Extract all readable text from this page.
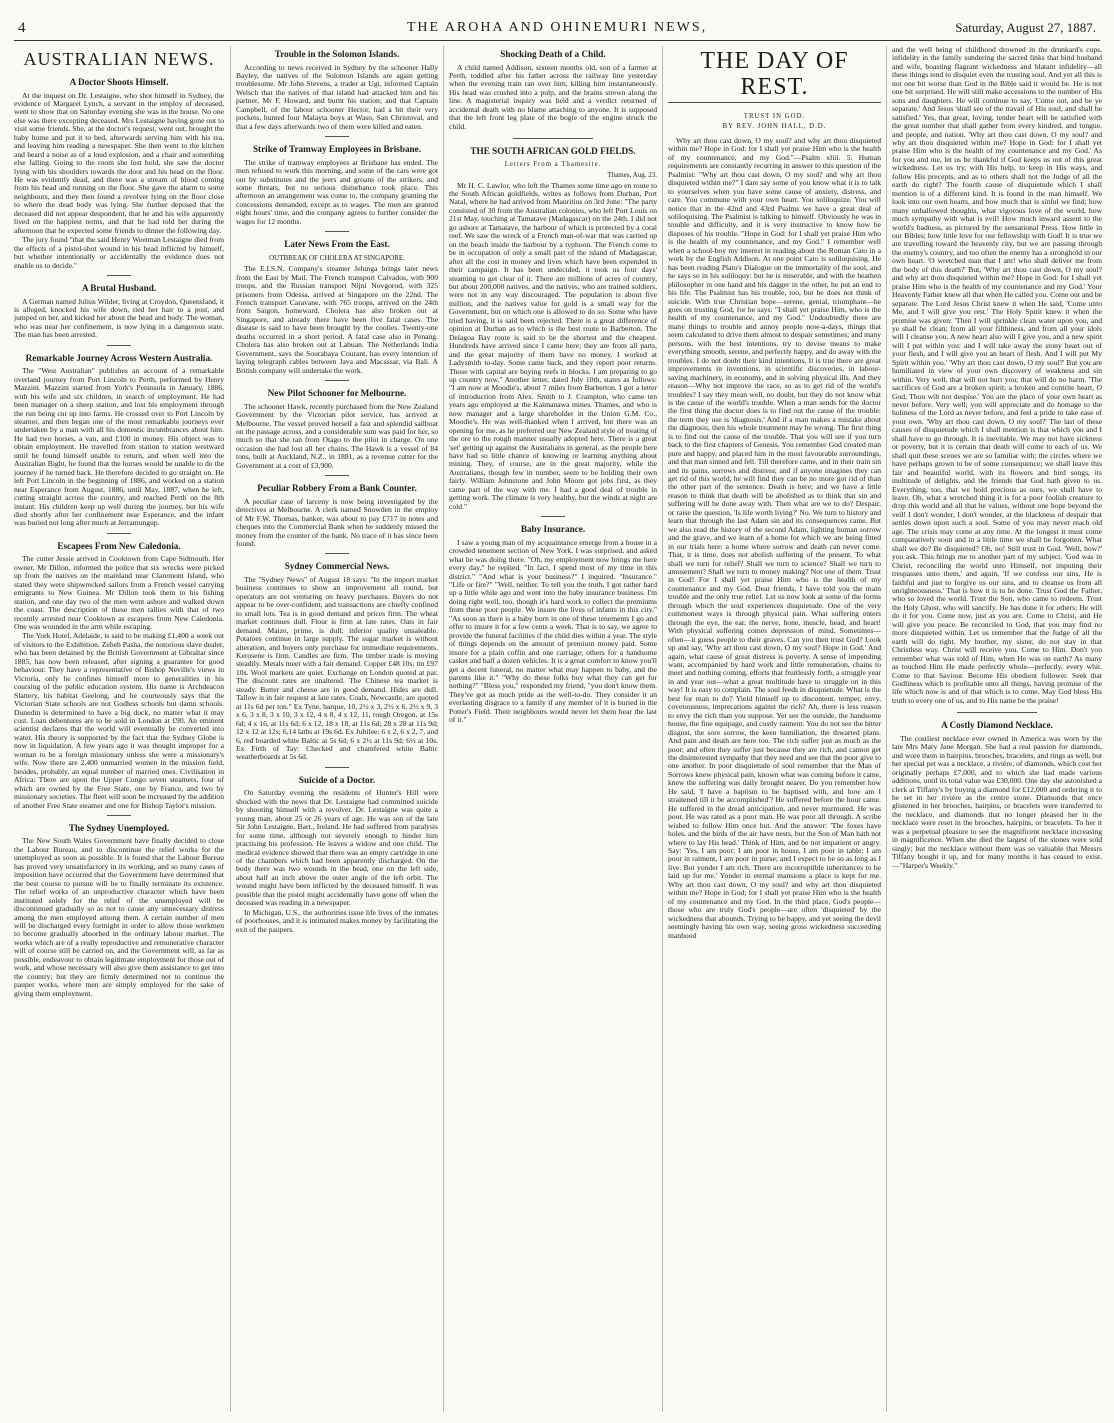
4	THE AROHA AND OHINEMURI NEWS,	Saturday, August 27, 1887.
AUSTRALIAN NEWS.
A Doctor Shoots Himself.

At the inquest on Dr. Lestaigne, who shot himself in Sydney, the evidence of Margaret Lynch, a servant in the employ of deceased, went to show that on Saturday evening she was in the house. No one else was there excepting deceased. Mrs Lestaigne having gone out to visit some friends. She, at the doctor's request, went out, brought the baby home and put it to bed, afterwards serving him with his tea, and leaving him reading a newspaper. She then went to the kitchen and heard a noise as of a loud explosion, and a chair and something else falling. Going to the room she lost hold, she saw the doctor lying with his shoulders towards the door and his head on the floor. He was evidently dead, and there was a stream of blood coming from his head and running on the floor. She gave the alarm to some neighbours, and they then found a revolver lying on the floor close to where the dead body was lying. She further deposed that the deceased did not appear despondent, that he and his wife apparently lived on the happiest terms, and that he had told her during the afternoon that he expected some friends to dinner the following day.

The jury found "that the said Henry Weetman Lestaigne died from the effects of a pistol-shot wound in his head inflicted by himself, but whether intentionally or accidentally the evidence does not enable us to decide."

A Brutal Husband.

A German named Julius Wilder, living at Croydon, Queensland, it is alleged, knocked his wife down, tied her hair to a post, and jumped on her, and kicked her about the head and body. The woman, who was near her confinement, is now lying in a dangerous state. The man has been arrested.

Remarkable Journey Across Western Australia.

The "West Australian" publishes an account of a remarkable overland journey from Port Lincoln to Perth, performed by Henry Mazzini. Mazzini started from York's Peninsula in January, 1886, with his wife and six children, in search of employment. He had been manager on a sheep station, and lost his employment through the run being cut up into farms. He crossed over to Port Lincoln by steamer, and then began one of the most remarkable journeys ever undertaken by a man with all his domestic incumbrances about him. He had two horses, a van, and £100 in money. His object was to obtain employment. He travelled from station to station westward until he found himself unable to return, and when well into the Australian Bight, he found that the horses would be unable to do the journey if he turned back. He therefore decided to go straight on. He left Port Lincoln in the beginning of 1886, and worked on a station near Esperance from August, 1886, until May, 1887, when he left, cutting straight across the country, and reached Perth on the 8th instant. His children keep up well during the journey, but his wife died shortly after her confinement near Esperance, and the infant was buried not long after much at Jerramungup.

Escapees From New Caledonia.

The cutter Jessie arrived in Cooktown from Cape Sidmouth. Her owner, Mr Dillon, informed the police that six wrecks were picked up from the natives on the mainland near Claremont Island, who stated they were shipwrecked sailors from a French vessel carrying emigrants to New Guinea. Mr Dillon took them to his fishing station, and one day two of the men went ashore and walked down the coast. The description of these men tallies with that of two recently arrested near Cooktown as escapees from New Caledonia. One was wounded in the arm while escaping.

The York Hotel, Adelaide, is said to be making £1,400 a week out of visitors to the Exhibition. Zebeh Pasha, the notorious slave dealer, who has been detained by the British Government at Gibraltar since 1885, has now been released, after signing a guarantee for good behaviour. They have a representative of Bishop Neville's views in Victoria, only he confines himself more to generalities in his coursing of the public education system. His name is Archdeacon Slattery, his habitat Geelong, and he courteously says that the Victorian State schools are not Godless schools but damn schools. Dunedin is determined to have a big dock, no matter what it may cost. Loan debentures are to be sold in London at £90. An eminent scientist declares that the world will eventually be converted into water. His theory is supported by the fact that the Sydney Globe is now in liquidation. A few years ago it was thought improper for a woman to be a foreign missionary unless she were a missionary's wife. Now there are 2,400 unmarried women in the mission field, besides, probably, an equal number of married ones. Civilisation in Africa: There are upon the Upper Congo seven steamers, four of which are owned by the Free State, one by France, and two by missionary societies. The fleet will soon be increased by the addition of another Free State steamer and one for Bishop Taylor's mission.

The Sydney Unemployed.

The New South Wales Government have finally decided to close the Labour Bureau, and to discontinue the relief works for the unemployed as soon as possible. It is found that the Labour Bureau has proved very unsatisfactory in its working, and so many cases of imposition have occurred that the Government have determined that the best course to pursue will be to finally terminate its existence. The relief works of an unproductive character which have been instituted solely for the relief of the unemployed will be discontinued gradually so as not to cause any unnecessary distress among the men employed among them. A certain number of men will be discharged every fortnight in order to allow those workmen to become gradually absorbed in the ordinary labour market. The works which are of a really reproductive and remunerative character will of course still be carried on, and the Government will, as far as possible, endeavour to obtain legitimate employment for those out of work, and whose necessary will also give them assistance to get into the country; but they are firmly determined not to continue the pauper works, where men are simply employed for the sake of giving them employment.

Trouble in the Solomon Islands.

According to news received in Sydney by the schooner Hally Bayley, the natives of the Solomon Islands are again getting troublesome. Mr John Stevens, a trader at Ugi, informed Captain Welsch that the natives of that island had attacked him and his partner, Mr F. Howard, and burnt his station; and that Captain Campbell, of the labour schooner Hector, had a bit their very pockets, hunted four Malayta boys at Waso, San Christoval, and that a few days afterwards two of them were killed and eaten.

Strike of Tramway Employees in Brisbane.

The strike of tramway employees at Brisbane has ended. The men refused to work this morning, and some of the cars were got out by substitutes and the jeers and groans of the strikers, and some threats, but no serious disturbance took place. This afternoon an arrangement was come to, the company granting the concessions demanded, except as to wages. The men are granted eight hours' time, and the company agrees to further consider the wages for 12 months.

Later News From the East.
OUTBREAK OF CHOLERA AT SINGAPORE.

The E.I.S.N. Company's steamer Jelunga brings later news from the East by Mail. The French transport Calvados, with 900 troops, and the Russian transport Nijni Novgorod, with 325 prisoners from Odessa, arrived at Singapore on the 22nd. The French transport Caravane, with 765 troops, arrived on the 24th from Saigon, homeward. Cholera has also broken out at Singapore, and already there have been five fatal cases. The disease is said to have been brought by the coolies. Twenty-one deaths occurred in a short period. A fatal case also in Penang. Cholera has also broken out at Labuan. The Netherlands India Government, says the Sourabaya Courant, has every intention of laying telegraph cables between Java and Macassar, via Bali. A British company will undertake the work.

New Pilot Schooner for Melbourne.

The schooner Hawk, recently purchased from the New Zealand Government by the Victorian pilot service, has arrived at Melbourne. The vessel proved herself a fast and splendid sailboat on the passage across, and a considerable sum was paid for her, so much so that she ran from Otago to the pilot in charge. On one occasion she had lost all her chains. The Hawk is a vessel of 84 tons, built at Auckland, N.Z., in 1881, as a revenue cutter for the Government at a cost of £3,900.

Peculiar Robbery From a Bank Counter.

A peculiar case of larceny is now being investigated by the detectives at Melbourne. A clerk named Snowden in the employ of Mr F.W. Thomas, banker, was about to pay £717 in notes and cheques into the Commercial Bank when he suddenly missed the money from the counter of the bank. No trace of it has since been found.

Sydney Commercial News.

The "Sydney News" of August 18 says: "In the import market business continues to show an improvement all round, but operators are not venturing on heavy purchases. Buyers do not appear to be over-confident, and transactions are chiefly confined to small lots. Tea is in good demand and prices firm. The wheat market continues dull. Flour is firm at late rates. Oats in fair demand. Maize, prime, is dull; inferior quality unsaleable. Potatoes continue in large supply. The sugar market is without alteration, and buyers only purchase for immediate requirements. Kerosene is firm. Candles are firm. The timber trade is moving steadily. Metals meet with a fair demand. Copper £48 10s; tin £97 10s. Wool markets are quiet. Exchange on London quoted at par. The discount rates are unaltered. The Chinese tea market is steady. Butter and cheese are in good demand. Hides are dull. Tallow is in fair request at late rates. Coals, Newcastle, are quoted at 11s 6d per ton." Ex Tyne, barque, 10, 2½ x 3, 2½ x 6, 2½ x 9, 3 x 6, 3 x 8, 3 x 10, 3 x 12, 4 x 8, 4 x 12, 11, rough Oregon, at 15s 6d; 4 x 16, at 11s 6d; 6 x 12, 18 x 18, at 11s 6d; 28 x 28 at 11s 9d; 12 x 12 at 12s; 6,14 laths at 19s 6d. Ex Jubilee: 6 x 2, 6 x 2, 7, and 6, red boarded white Baltic at 5s 6d; 6 x 2½ at 11s 9d; 6½ at 10s. Ex Firth of Tay: Checked and chamfered white Baltic weatherboards at 5s 6d.

Suicide of a Doctor.

On Saturday evening the residents of Hunter's Hill were shocked with the news that Dr. Lestaigne had committed suicide by shooting himself with a revolver. Dr. Lestaigne was quite a young man, about 25 or 26 years of age. He was son of the late Sir John Lestaigne, Bart., Ireland. He had suffered from paralysis for some time, although not severely enough to hinder him practising his profession. He leaves a widow and one child. The medical evidence showed that there was an empty cartridge in one of the chambers which had been apparently discharged. On the body there was two wounds in the head, one on the left side, about half an inch above the outer angle of the left orbit. The wound might have been inflicted by the deceased himself. It was possible that the pistol might accidentally have gone off when the deceased was reading in a newspaper.

In Michigan, U.S., the authorities issue life lives of the inmates of poorhouses, and it is intimated makes money by facilitating the exit of the paupers.

Shocking Death of a Child.

A child named Addison, sixteen months old, son of a farmer at Perth, toddled after his father across the railway line yesterday when the evening train ran over him, killing him instantaneously. His head was crushed into a pulp, and the brains strewn along the line. A magisterial inquiry was held and a verdict returned of accidental death with no blame attaching to anyone. It is supposed that the left front leg plate of the bogie of the engine struck the child.

THE SOUTH AFRICAN GOLD FIELDS.
Letters From a Thamesite.
Thames, Aug. 23.

Mr H. C. Lawlor, who left the Thames some time ago en route to the South African goldfields, writes as follows from Durban, Port Natal, where he had arrived from Mauritius on 3rd June: "The party consisted of 30 from the Australian colonies, who left Port Louis on 21st May, touching at Tamatave (Madagascar) on the 24th. I did not go ashore at Tamatave, the harbour of which is protected by a coral reef. We saw the wreck of a French man-of-war that was carried up on the beach inside the harbour by a typhoon. The French come to be in occupation of only a small part of the island of Madagascar, after all the cost in money and lives which have been expended in their campaign. It has been undecided, it took us four days' steaming to get clear of it. There are millions of acres of country, but about 200,000 natives, and the natives, who are trained soldiers, were not in any way discouraged. The population is about five million, and the natives value for gold is a small way for the Government, but on which one is allowed to do so. Some who have tried having, it is said been rejected. There is a great difference of opinion at Durban as to which is the best route to Barberton. The Delagoa Bay route is said to be the shortest and the cheapest. Hundreds have arrived since I came here; they are from all parts, and the great majority of them have no money. I worked at Ladysmith to-day. Some came back, and they report poor returns. Those with capital are buying reefs in blocks. I am preparing to go up country now." Another letter, dated July 10th, states as follows: "I am now at Moodie's, about 7 miles from Barberton. I got a letter of introduction from Alex. Smith to J. Crampton, who came ten years ago employed at the Kaimanawa mines. Thames, and who is now manager and a large shareholder in the Union G.M. Co., Moodie's. He was well-thanked when I arrived, but there was an opening for me, as he preferred our New Zealand style of treating of the ore to the rough manner usually adopted here. There is a great 'set' getting up against the Australians in general, as the people here have had so little chance of knowing or learning anything about mining. They, of course, are in the great majority, while the Australians, though few in number, seem to be holding their own fairly. William Johnstone and John Moore got jobs first, as they came part of the way with me. I had a good deal of trouble in getting work. The climate is very healthy, but the winds at night are cold."

Baby Insurance.

I saw a young man of my acquaintance emerge from a house in a crowded tenement section of New York. I was surprised, and asked what he was doing there. "Oh, my employment now brings me here every day," he replied. "In fact, I spend most of my time in this district." "And what is your business?" I inquired. "Insurance." "Life or fire?" "Well, neither. To tell you the truth, I got rather hard up a little while ago and went into the baby insurance business. I'm doing right well, too, though it's hard work to collect the premiums from these poor people. We insure the lives of infants in this city." "As soon as there is a baby born in one of these tenements I go and offer to insure it for a few cents a week. That is to say, we agree to provide the funeral facilities if the child dies within a year. The style of things depends on the amount of premium money paid. Some insure for a plain coffin and one carriage; others for a handsome casket and half a dozen vehicles. It is a great comfort to know you'll get a decent funeral, no matter what may happen to baby, and the parents like it." "Why do these folks buy what they can get for nothing?" "Bless you," responded my friend, "you don't know them. They've got as much pride as the well-to-do. They consider it an everlasting disgrace to a family if any member of it is buried in the Potter's Field. Their neighbours would never let them hear the last of it."

THE DAY OF REST.
TRUST IN GOD.
BY REV. JOHN HALL, D.D.

Why art thou cast down, O my soul? and why art thou disquieted within me? Hope in God: for I shall yet praise Him who is the health of my countenance, and my God."—Psalm xliii. 5. Human requirements are constantly recurring in answer to this question of the Psalmist: "Why art thou cast down, O my soul? and why art thou disquieted within me?" I dare say some of you know what it is to talk to yourselves when you have some cause of anxiety, distress, and care. You commune with your own heart. You soliloquize. You will notice that in the 42nd and 43rd Psalms we have a great deal of soliloquising. The Psalmist is talking to himself. Obviously he was in trouble and difficulty, and it is very instructive to know how he disposes of his trouble. "Hope in God: for I shall yet praise Him who is the health of my countenance, and my God." I remember well when a school-boy my interest in reading about the Roman Cato in a work by the English Addison. At one point Cato is soliloquising. He has been reading Plato's Dialogue on the immortality of the soul, and he says so in his soliloquy: but he is miserable, and with the heathen philosopher in one hand and his dagger in the other, he put an end to his life. The Psalmist has his trouble, too, but he does not think of suicide. With true Christian hope—serene, genial, triumphant—he goes on trusting God, for he says: "I shall yet praise Him, who is the health of my countenance, and my God." Undoubtedly there are many things to trouble and annoy people now-a-days, things that seem calculated to drive them almost to despair sometimes; and many persons, with the best intentions, try to devise means to make everything smooth, serene, and perfectly happy, and do away with the troubles. I do not doubt their kind intentions. It is true there are great improvements in inventions, in scientific discoveries, in labour-saving machinery, in economy, and in solving physical ills. And they reason—Why not improve the race, so as to get rid of the world's troubles? I say they mean well, no doubt, but they do not know what is the cause of the world's trouble. When a man sends for the doctor the first thing the doctor does is to find out the cause of the trouble: the term they use is 'diagnosis.' And if a man makes a mistake about the diagnosis, then his whole treatment may be wrong. The first thing is to find out the cause of the trouble. That you will see if you turn back to the first chapters of Genesis. You remember God created man pure and happy, and placed him in the most favourable surroundings, and that man sinned and fell. Till therefore came, and in their train sin and its pains, sorrows and distress; and if anyone imagines they can get rid of this world, he will find they can be no more got rid of than the other part of the sentence. Death is here; and we have a little reason to think that death will be abolished as to think that sin and suffering will be done away with. Then what are we to do? Despair, or raise the question, 'Is life worth living?' No. We turn to history and learn that through the last Adam sin and its consequences came. But we also read the history of the second Adam, lighting human sorrow and the grave, and we learn of a home for which we are being fitted in our trials here: a home where sorrow and death can never come. That, it is time, does not abolish suffering of the present. To what shall we turn for relief? Shall we turn to science? Shall we turn to amusement? Shall we turn to money making? Not one of them. Trust in God! For I shall yet praise Him who is the health of my countenance and my God. Dear friends, I have told you the main trouble and the only true relief. Let us now look at some of the forms through which the soul experiences disquietude. One of the very commonest ways is through physical pain. What suffering enters through the eye, the ear, the nerve, bone, muscle, head, and heart! With physical suffering comes depression of mind. Sometimes—often—it guess people to their graves. Can you then trust God? Look up and say, 'Why art thou cast down, O my soul? Hope in God.' And again, what cause of great distress is poverty. A sense of impending want, accompanied by hard work and little remuneration, chains to meet and nothing coming, efforts that fruitlessly forth, a struggle year in and year out—what a great multitude have to struggle on in this way! It is easy to complain. The soul feeds in disquietude. What is the best for man to do? Yield himself up to discontent, temper, envy, covetousness, imprecations against the rich? Ah, there is less reason to envy the rich than you suppose. Yet see the outside, the handsome house, the fine equipage, and costly raiment. You do not see the bitter disgust, the sore sorrow, the keen humiliation, the thwarted plans. And pain and death are here too. The rich suffer just as much as the poor; and often they suffer just because they are rich, and cannot get the disinterested sympathy that they need and see that the poor give to one another. In poor disquietude of soul remember that the Man of Sorrows knew physical pain, known what was coming before it came, knew the suffering was daily brought nearer. Do you remember how He said, 'I have a baptism to be baptised with, and how am I straitened till it be accomplished'? He suffered before the hour came. He suffered in the dread anticipation, and never murmured. He was poor. He was rated as a poor man. He was poor all through. A scribe wished to follow Him once but. And the answer: 'The foxes have holes, and the birds of the air have nests, but the Son of Man hath not where to lay His head.' Think of Him, and be not impatient or angry. Say: 'Yes, I am poor; I am poor in house, I am poor in table; I am poor in raiment, I am poor in purse; and I expect to be so as long as I live. But yonder I am rich. There are incorruptible inheritances to be laid up for me.' Yonder in eternal mansions a place is kept for me. Why art thou cast down, O my soul? and why art thou disquieted within me? Hope in God; for I shall yet praise Him who is the health of my countenance and my God. In the third place, God's people—those who are truly God's people—are often 'disquieted' by the wickedness that abounds. Trying to be happy, and yet seeing the devil seemingly having his own way, seeing gross wickedness succeeding manhood

and the well being of childhood drowned in the drunkard's cups, infidelity in the family sundering the sacred links that bind husband and wife, boasting flagrant wickedness and blatant infidelity—all these things tend to disquiet even the trusting soul. And yet all this is not one bit worse than God in the Bible said it would be. He is not one bit surprised. He will still make accessions to the number of His sons and daughters. He will continue to say, 'Come out, and be ye separate.' And Jesus 'shall see of the travail of His soul, and shall be satisfied.' Yes, that great, loving, tender heart will be satisfied with the great number that shall gather from every kindred, and tongue, and people, and nation. 'Why art thou cast down, O my soul? and why art thou disquieted within me? Hope in God: for I shall yet praise Him who is the health of my countenance and my God.' As for you and me, let us be thankful if God keeps us out of this great wickedness. Let us try, with His help, to keep in His ways, and follow His precepts, and as to others shall not the Judge of all the earth do right? The fourth cause of disquietude which I shall mention is of a different kind. It is found in the man himself. We look into our own hearts, and how much that is sinful we find; how many unhallowed thoughts, what vigorous love of the world, how much sympathy with what is evil! How much inward assent to the world's badness, as pictured by the sensational Press. How little in our Bibles; how little love for our fellowship with God! It is true we are travelling toward the heavenly city, but we are passing through the enemy's country, and too often the enemy has a stronghold in our own heart. 'O wretched man that I am! who shall deliver me from the body of this death?' But, 'Why art thou cast down, O my soul? and why art thou disquieted within me? Hope in God: for I shall yet praise Him who is the health of my countenance and my God.' Your Heavenly Father knew all that when He called you. Come out and be separate. The Lord Jesus Christ knew it when He said, 'Come unto Me, and I will give you rest.' The Holy Spirit knew it when the promise was given: 'Then I will sprinkle clean water upon you, and ye shall be clean; from all your filthiness, and from all your idols will I cleanse you. A new heart also will I give you, and a new spirit will I put within you: and I will take away the stony heart out of your flesh, and I will give you an heart of flesh. And I will put My Spirit within you.' 'Why art thou cast down, O my soul?' But you are humiliated in view of your own discovery of weakness and sin within. Very well, that will not hurt you; that will do no harm. 'The sacrifices of God are a broken spirit; a broken and contrite heart, O God, Thou wilt not despise.' You are the place of your own heart as never before. Very well; you will appreciate and do homage to the holiness of the Lord as never before, and feel a pride to take ease of your own. 'Why art thou cast down, O my soul?' The last of these causes of disquietude which I shall mention is that which you and I shall have to go through. It is inevitable. We may not have sickness or poverty, but it is certain that death will come to each of us. We shall quit these scenes we are so familiar with; the circles where we have perhaps grown to be of some consequence; we shall leave this fair and beautiful world, with its flowers and bird songs, its multitude of delights, and the friends that God hath given to us. Everything, too, that we hold precious as ours, we shall have to leave. Oh, what a wretched thing it is for a poor foolish creature to drop this world and all that he values, without one hope beyond the veil! I don't wonder, I don't wonder, at the blackness of despair that settles down upon such a soul. Some of you may never reach old age. The crisis may come at any time. At the longest it must come comparatively soon and in a little time we shall be forgotten. What shall we do? Be disquieted? Oh, no! Still trust in God. 'Well, how?' you ask. This brings me to another part of my subject. 'God was in Christ, reconciling the world unto Himself, not imputing their trespasses unto them,' and again, 'If we confess our sins, He is faithful and just to forgive us our sins, and to cleanse us from all unrighteousness.' That is how it is to be done. Trust God the Father, who so loved the world. Trust the Son, who came to redeem. Trust the Holy Ghost, who will sanctify. He has done it for others; He will do it for you. Come now, just as you are. Come to Christ, and He will give you peace. Be reconciled to God, that you may find no more disquieted within. Let us remember that the Judge of all the earth will do right. My brother, my sister, do not stay in that Christless way. Christ will receive you. Come to Him. Don't you remember what was told of Him, when He was on earth? As many as touched Him He made perfectly whole—perfectly, every whit. Come to that Saviour. Become His obedient follower. Seek that Godliness which is profitable unto all things, having promise of the life which now is and of that which is to come. May God bless His truth to every one of us, and to His name be the praise!

A Costly Diamond Necklace.

The costliest necklace ever owned in America was worn by the late Mrs Mary Jane Morgan. She had a real passion for diamonds, and wore them in hairpins, brooches, bracelets, and rings as well, but her special pet was a necklace, a rivière, of diamonds, which cost her originally perhaps £7,000, and to which she had made various additions, until its total value was £30,000. One day she astonished a clerk at Tiffany's by buying a diamond for £12,000 and ordering it to be set in her rivière as the centre stone. Diamonds that once glistened in her brooches, hairpins, or bracelets were transferred to the necklace, and diamonds that no longer pleased her in the necklace were reset in the brooches, hairpins, or bracelets. To her it was a perpetual pleasure to see the magnificent necklace increasing in magnificence. When she died the largest of the stones were sold singly; but the necklace without them was so valuable that Messrs Tiffany bought it up, and for many months it has ceased to exist.—"Harper's Weekly."
